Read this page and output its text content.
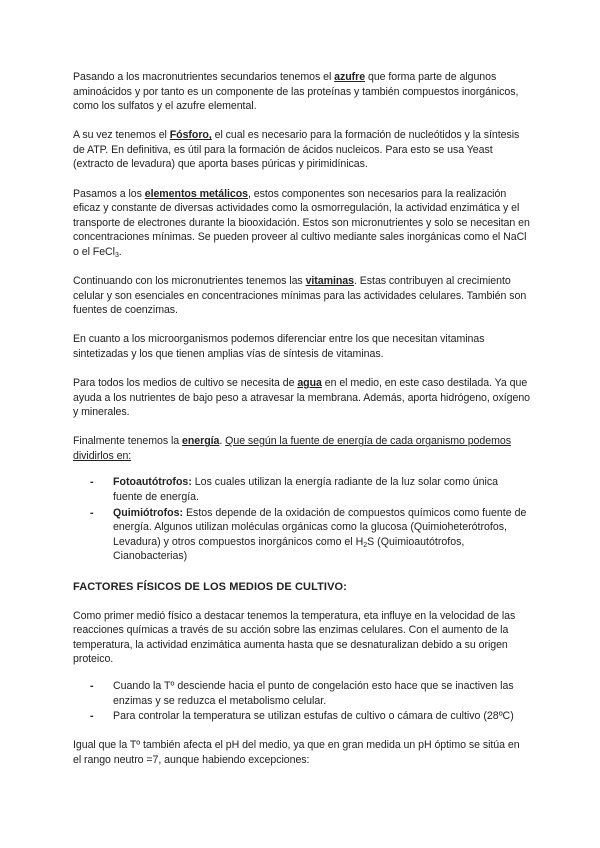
Pasando a los macronutrientes secundarios tenemos el azufre que forma parte de algunos aminoácidos y por tanto es un componente de las proteínas y también compuestos inorgánicos, como los sulfatos y el azufre elemental.

A su vez tenemos el Fósforo, el cual es necesario para la formación de nucleótidos y la síntesis de ATP. En definitiva, es útil para la formación de ácidos nucleicos. Para esto se usa Yeast (extracto de levadura) que aporta bases púricas y pirimidínicas.

Pasamos a los elementos metálicos, estos componentes son necesarios para la realización eficaz y constante de diversas actividades como la osmorregulación, la actividad enzimática y el transporte de electrones durante la biooxidación. Estos son micronutrientes y solo se necesitan en concentraciones mínimas. Se pueden proveer al cultivo mediante sales inorgánicas como el NaCl o el FeCl$_3$.

Continuando con los micronutrientes tenemos las vitaminas. Estas contribuyen al crecimiento celular y son esenciales en concentraciones mínimas para las actividades celulares. También son fuentes de coenzimas.

En cuanto a los microorganismos podemos diferenciar entre los que necesitan vitaminas sintetizadas y los que tienen amplias vías de síntesis de vitaminas.

Para todos los medios de cultivo se necesita de agua en el medio, en este caso destilada. Ya que ayuda a los nutrientes de bajo peso a atravesar la membrana. Además, aporta hidrógeno, oxígeno y minerales.

Finalmente tenemos la energía. Que según la fuente de energía de cada organismo podemos dividirlos en:

- Fotoautótrofos: Los cuales utilizan la energía radiante de la luz solar como única fuente de energía.
- Quimiótrofos: Estos depende de la oxidación de compuestos químicos como fuente de energía. Algunos utilizan moléculas orgánicas como la glucosa (Quimioheterótrofos, Levadura) y otros compuestos inorgánicos como el $H_2S$ (Quimioautótrofos, Cianobacterias)
FACTORES FÍSICOS DE LOS MEDIOS DE CULTIVO:

Como primer medió físico a destacar tenemos la temperatura, eta influye en la velocidad de las reacciones químicas a través de su acción sobre las enzimas celulares. Con el aumento de la temperatura, la actividad enzimática aumenta hasta que se desnaturalizan debido a su origen proteico.

- Cuando la Tº desciende hacia el punto de congelación esto hace que se inactiven las enzimas y se reduzca el metabolismo celular.
- Para controlar la temperatura se utilizan estufas de cultivo o cámara de cultivo (28ºC)

Igual que la Tº también afecta el pH del medio, ya que en gran medida un pH óptimo se sitúa en el rango neutro =7, aunque habiendo excepciones:
